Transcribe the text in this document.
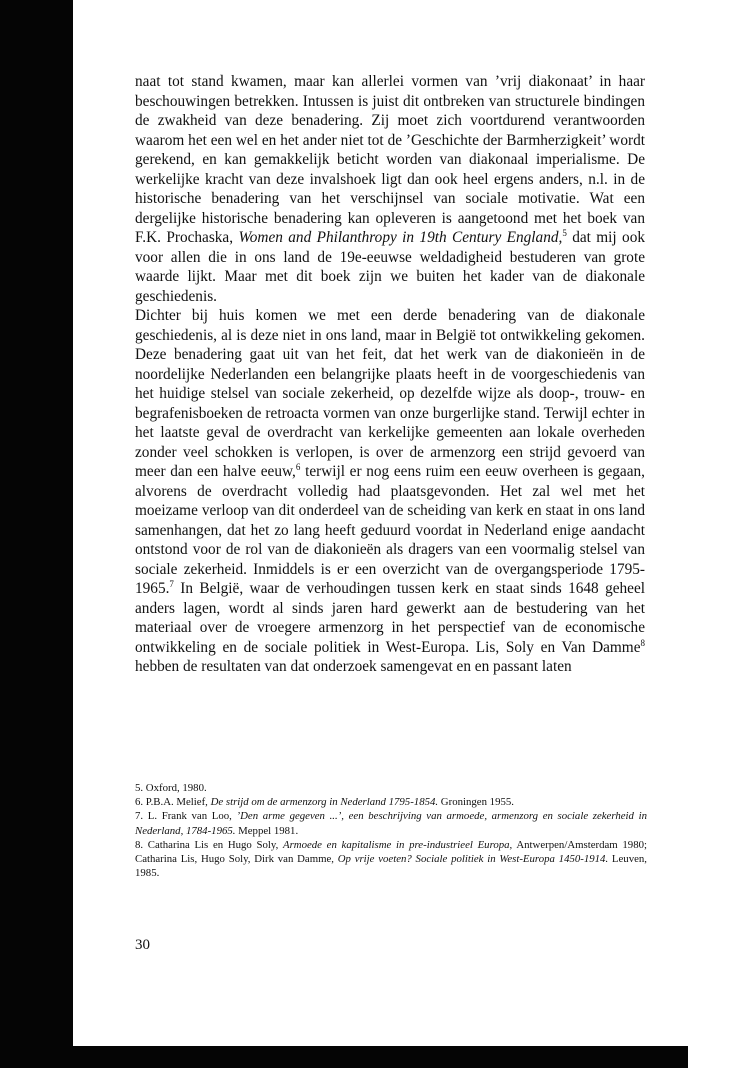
naat tot stand kwamen, maar kan allerlei vormen van ’vrij diakonaat’ in haar beschouwingen betrekken. Intussen is juist dit ontbreken van structurele bindingen de zwakheid van deze benadering. Zij moet zich voortdurend verantwoorden waarom het een wel en het ander niet tot de ’Geschichte der Barmherzigkeit’ wordt gerekend, en kan gemakkelijk beticht worden van diakonaal imperialisme. De werkelijke kracht van deze invalshoek ligt dan ook heel ergens anders, n.l. in de historische benadering van het verschijnsel van sociale motivatie. Wat een dergelijke historische benadering kan opleveren is aangetoond met het boek van F.K. Prochaska, Women and Philanthropy in 19th Century England,$^5$ dat mij ook voor allen die in ons land de 19e-eeuwse weldadigheid bestuderen van grote waarde lijkt. Maar met dit boek zijn we buiten het kader van de diakonale geschiedenis.

Dichter bij huis komen we met een derde benadering van de diakonale geschiedenis, al is deze niet in ons land, maar in België tot ontwikkeling gekomen. Deze benadering gaat uit van het feit, dat het werk van de diakonieën in de noordelijke Nederlanden een belangrijke plaats heeft in de voorgeschiedenis van het huidige stelsel van sociale zekerheid, op dezelfde wijze als doop-, trouw- en begrafenisboeken de retroacta vormen van onze burgerlijke stand. Terwijl echter in het laatste geval de overdracht van kerkelijke gemeenten aan lokale overheden zonder veel schokken is verlopen, is over de armenzorg een strijd gevoerd van meer dan een halve eeuw,$^6$ terwijl er nog eens ruim een eeuw overheen is gegaan, alvorens de overdracht volledig had plaatsgevonden. Het zal wel met het moeizame verloop van dit onderdeel van de scheiding van kerk en staat in ons land samenhangen, dat het zo lang heeft geduurd voordat in Nederland enige aandacht ontstond voor de rol van de diakonieën als dragers van een voormalig stelsel van sociale zekerheid. Inmiddels is er een overzicht van de overgangsperiode 1795-1965.$^7$ In België, waar de verhoudingen tussen kerk en staat sinds 1648 geheel anders lagen, wordt al sinds jaren hard gewerkt aan de bestudering van het materiaal over de vroegere armenzorg in het perspectief van de economische ontwikkeling en de sociale politiek in West-Europa. Lis, Soly en Van Damme$^8$ hebben de resultaten van dat onderzoek samengevat en en passant laten

5. Oxford, 1980.
6. P.B.A. Melief, De strijd om de armenzorg in Nederland 1795-1854. Groningen 1955.
7. L. Frank van Loo, ’Den arme gegeven ...’, een beschrijving van armoede, armenzorg en sociale zekerheid in Nederland, 1784-1965. Meppel 1981.
8. Catharina Lis en Hugo Soly, Armoede en kapitalisme in pre-industrieel Europa, Antwerpen/Amsterdam 1980; Catharina Lis, Hugo Soly, Dirk van Damme, Op vrije voeten? Sociale politiek in West-Europa 1450-1914. Leuven, 1985.
30
